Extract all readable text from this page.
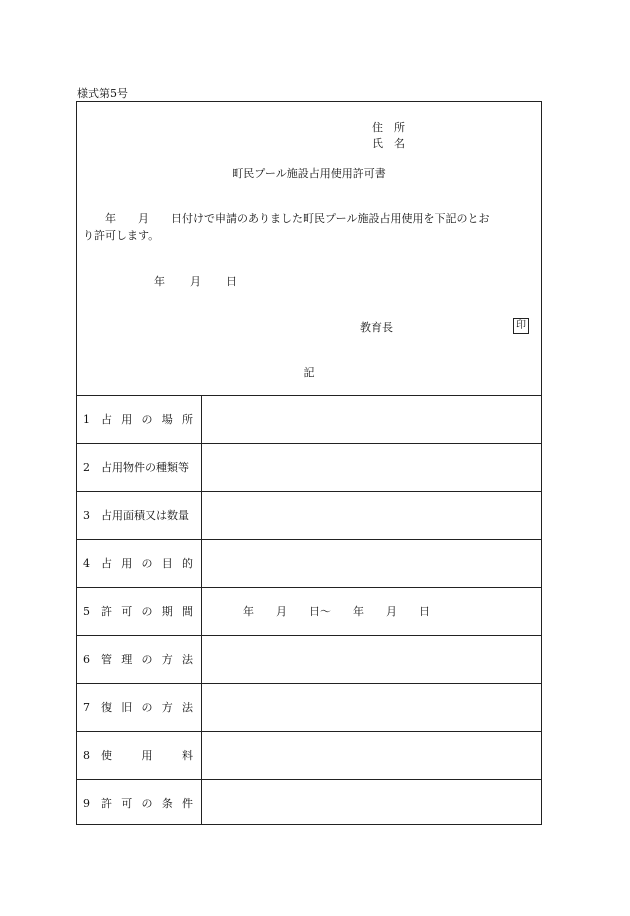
様式第5号
住　所
氏　名
町民プール施設占用使用許可書
　　年　　月　　日付けで申請のありました町民プール施設占用使用を下記のとお
り許可します。
年 月 日
教育長	印
記
1 占用の場所
2 占用物件の種類等
3 占用面積又は数量
4 占用の目的
5 許可の期間	年　　月　　日～　　年　　月　　日
6 管理の方法
7 復旧の方法
8 使　用　料
9 許可の条件
